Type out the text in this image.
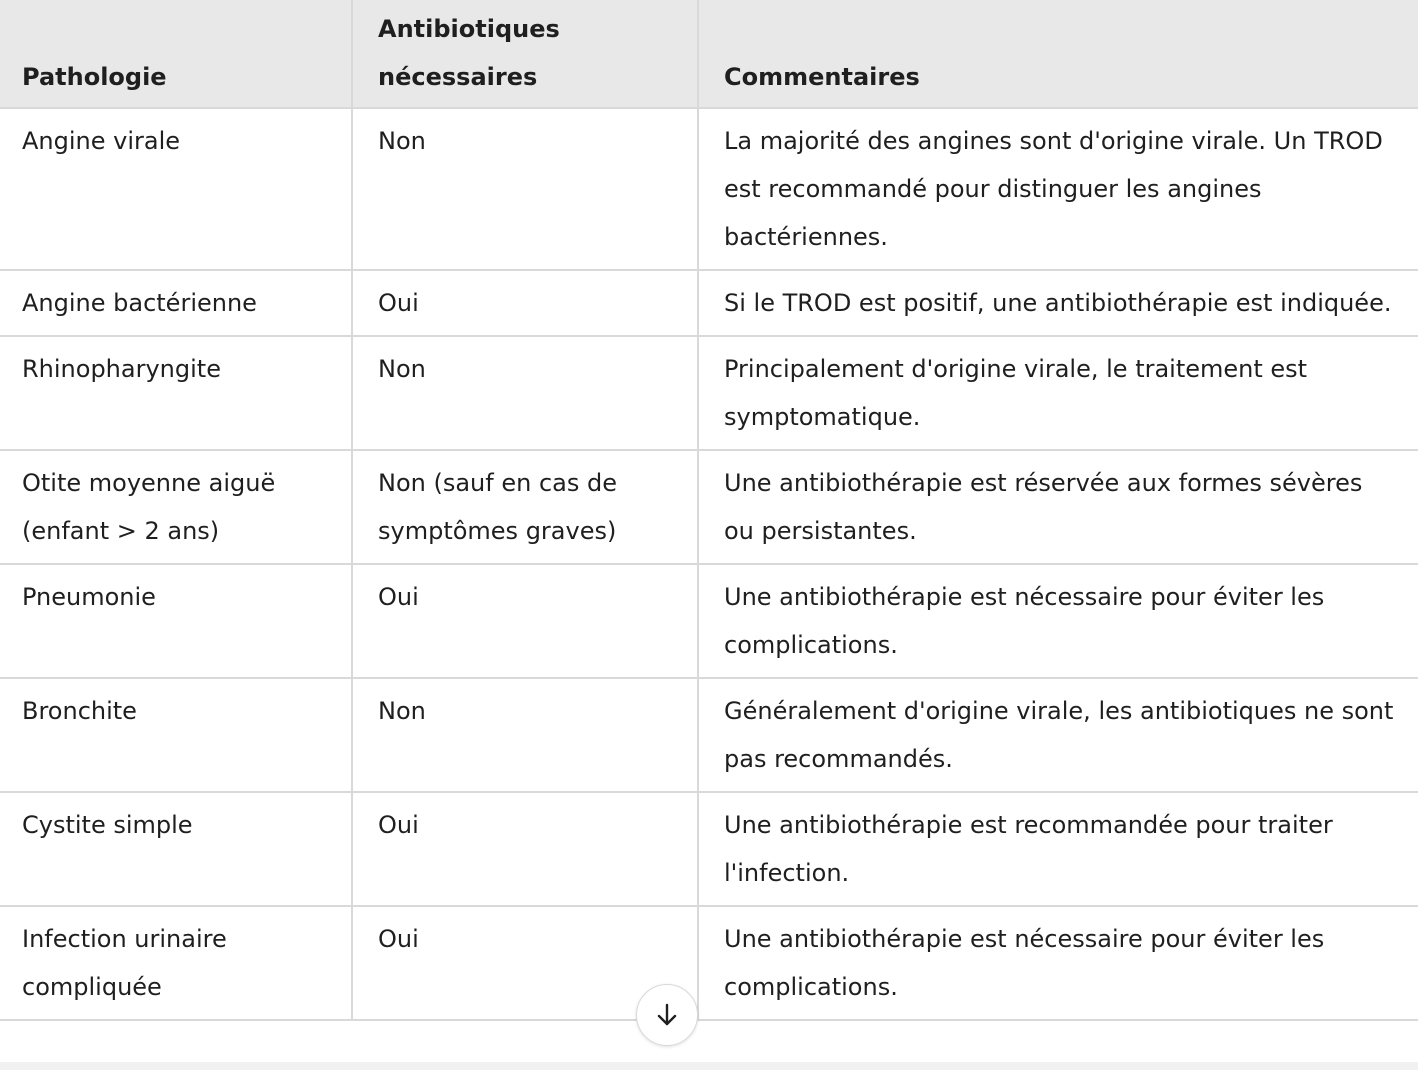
Pathologie	Antibiotiques nécessaires	Commentaires
Angine virale	Non	La majorité des angines sont d'origine virale. Un TROD est recommandé pour distinguer les angines bactériennes.
Angine bactérienne	Oui	Si le TROD est positif, une antibiothérapie est indiquée.
Rhinopharyngite	Non	Principalement d'origine virale, le traitement est symptomatique.
Otite moyenne aiguë (enfant > 2 ans)	Non (sauf en cas de symptômes graves)	Une antibiothérapie est réservée aux formes sévères ou persistantes.
Pneumonie	Oui	Une antibiothérapie est nécessaire pour éviter les complications.
Bronchite	Non	Généralement d'origine virale, les antibiotiques ne sont pas recommandés.
Cystite simple	Oui	Une antibiothérapie est recommandée pour traiter l'infection.
Infection urinaire compliquée	Oui	Une antibiothérapie est nécessaire pour éviter les complications.
